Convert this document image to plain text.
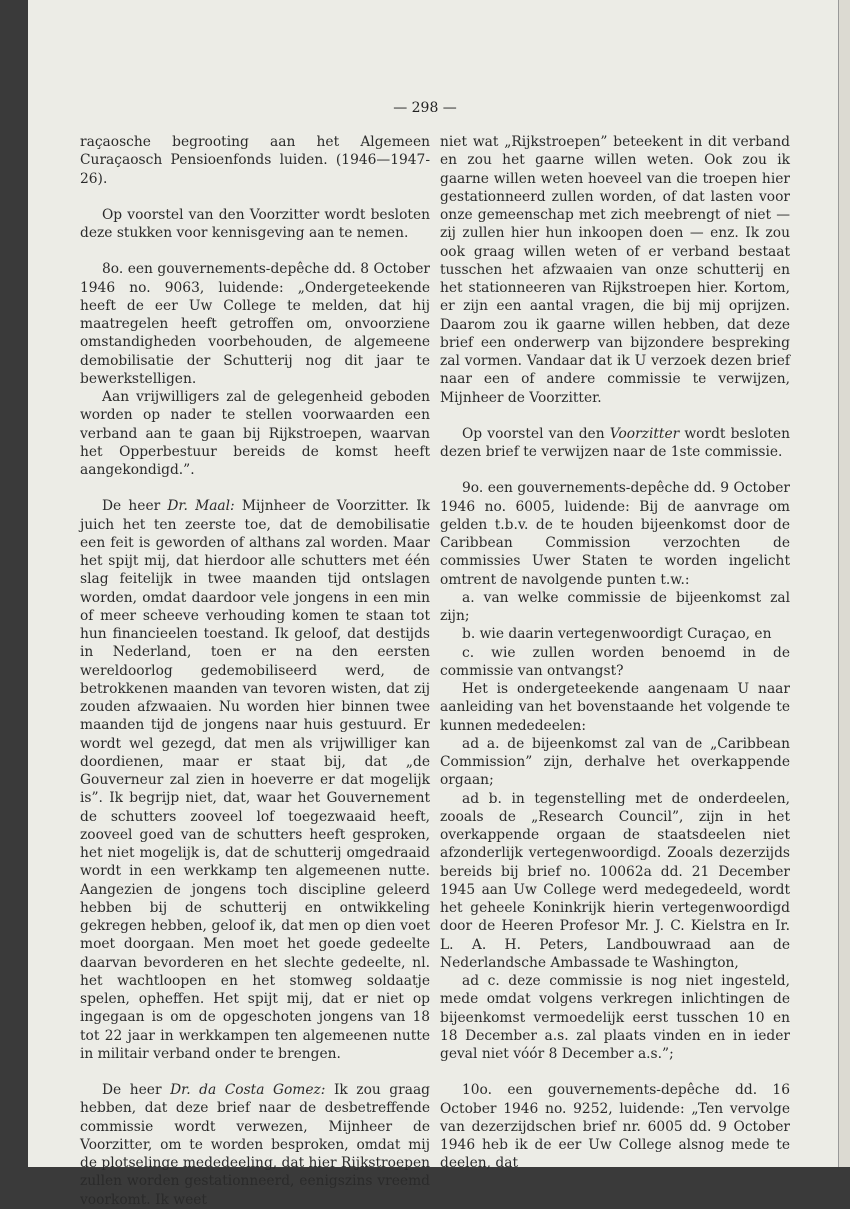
— 298 —

raçaosche begrooting aan het Algemeen Curaçaosch Pensioenfonds luiden. (1946—1947-26).

Op voorstel van den Voorzitter wordt besloten deze stukken voor kennisgeving aan te nemen.

8o. een gouvernements-depêche dd. 8 October 1946 no. 9063, luidende: „Ondergeteekende heeft de eer Uw College te melden, dat hij maatregelen heeft getroffen om, onvoorziene omstandigheden voorbehouden, de algemeene demobilisatie der Schutterij nog dit jaar te bewerkstelligen.

Aan vrijwilligers zal de gelegenheid geboden worden op nader te stellen voorwaarden een verband aan te gaan bij Rijkstroepen, waarvan het Opperbestuur bereids de komst heeft aangekondigd.”.

De heer Dr. Maal: Mijnheer de Voorzitter. Ik juich het ten zeerste toe, dat de demobilisatie een feit is geworden of althans zal worden. Maar het spijt mij, dat hierdoor alle schutters met één slag feitelijk in twee maanden tijd ontslagen worden, omdat daardoor vele jongens in een min of meer scheeve verhouding komen te staan tot hun financieelen toestand. Ik geloof, dat destijds in Nederland, toen er na den eersten wereldoorlog gedemobiliseerd werd, de betrokkenen maanden van tevoren wisten, dat zij zouden afzwaaien. Nu worden hier binnen twee maanden tijd de jongens naar huis gestuurd. Er wordt wel gezegd, dat men als vrijwilliger kan doordienen, maar er staat bij, dat „de Gouverneur zal zien in hoeverre er dat mogelijk is”. Ik begrijp niet, dat, waar het Gouvernement de schutters zooveel lof toegezwaaid heeft, zooveel goed van de schutters heeft gesproken, het niet mogelijk is, dat de schutterij omgedraaid wordt in een werkkamp ten algemeenen nutte. Aangezien de jongens toch discipline geleerd hebben bij de schutterij en ontwikkeling gekregen hebben, geloof ik, dat men op dien voet moet doorgaan. Men moet het goede gedeelte daarvan bevorderen en het slechte gedeelte, nl. het wachtloopen en het stomweg soldaatje spelen, opheffen. Het spijt mij, dat er niet op ingegaan is om de opgeschoten jongens van 18 tot 22 jaar in werkkampen ten algemeenen nutte in militair verband onder te brengen.

De heer Dr. da Costa Gomez: Ik zou graag hebben, dat deze brief naar de desbetreffende commissie wordt verwezen, Mijnheer de Voorzitter, om te worden besproken, omdat mij de plotselinge mededeeling, dat hier Rijkstroepen zullen worden gestationneerd, eenigszins vreemd voorkomt. Ik weet

niet wat „Rijkstroepen” beteekent in dit verband en zou het gaarne willen weten. Ook zou ik gaarne willen weten hoeveel van die troepen hier gestationneerd zullen worden, of dat lasten voor onze gemeenschap met zich meebrengt of niet — zij zullen hier hun inkoopen doen — enz. Ik zou ook graag willen weten of er verband bestaat tusschen het afzwaaien van onze schutterij en het stationneeren van Rijkstroepen hier. Kortom, er zijn een aantal vragen, die bij mij oprijzen. Daarom zou ik gaarne willen hebben, dat deze brief een onderwerp van bijzondere bespreking zal vormen. Vandaar dat ik U verzoek dezen brief naar een of andere commissie te verwijzen, Mijnheer de Voorzitter.

Op voorstel van den Voorzitter wordt besloten dezen brief te verwijzen naar de 1ste commissie.

9o. een gouvernements-depêche dd. 9 October 1946 no. 6005, luidende: Bij de aanvrage om gelden t.b.v. de te houden bijeenkomst door de Caribbean Commission verzochten de commissies Uwer Staten te worden ingelicht omtrent de navolgende punten t.w.:

a. van welke commissie de bijeenkomst zal zijn;

b. wie daarin vertegenwoordigt Curaçao, en

c. wie zullen worden benoemd in de commissie van ontvangst?

Het is ondergeteekende aangenaam U naar aanleiding van het bovenstaande het volgende te kunnen mededeelen:

ad a. de bijeenkomst zal van de „Caribbean Commission” zijn, derhalve het overkappende orgaan;

ad b. in tegenstelling met de onderdeelen, zooals de „Research Council”, zijn in het overkappende orgaan de staatsdeelen niet afzonderlijk vertegenwoordigd. Zooals dezerzijds bereids bij brief no. 10062a dd. 21 December 1945 aan Uw College werd medegedeeld, wordt het geheele Koninkrijk hierin vertegenwoordigd door de Heeren Profesor Mr. J. C. Kielstra en Ir. L. A. H. Peters, Landbouwraad aan de Nederlandsche Ambassade te Washington,

ad c. deze commissie is nog niet ingesteld, mede omdat volgens verkregen inlichtingen de bijeenkomst vermoedelijk eerst tusschen 10 en 18 December a.s. zal plaats vinden en in ieder geval niet vóór 8 December a.s.”;

10o. een gouvernements-depêche dd. 16 October 1946 no. 9252, luidende: „Ten vervolge van dezerzijdschen brief nr. 6005 dd. 9 October 1946 heb ik de eer Uw College alsnog mede te deelen, dat
